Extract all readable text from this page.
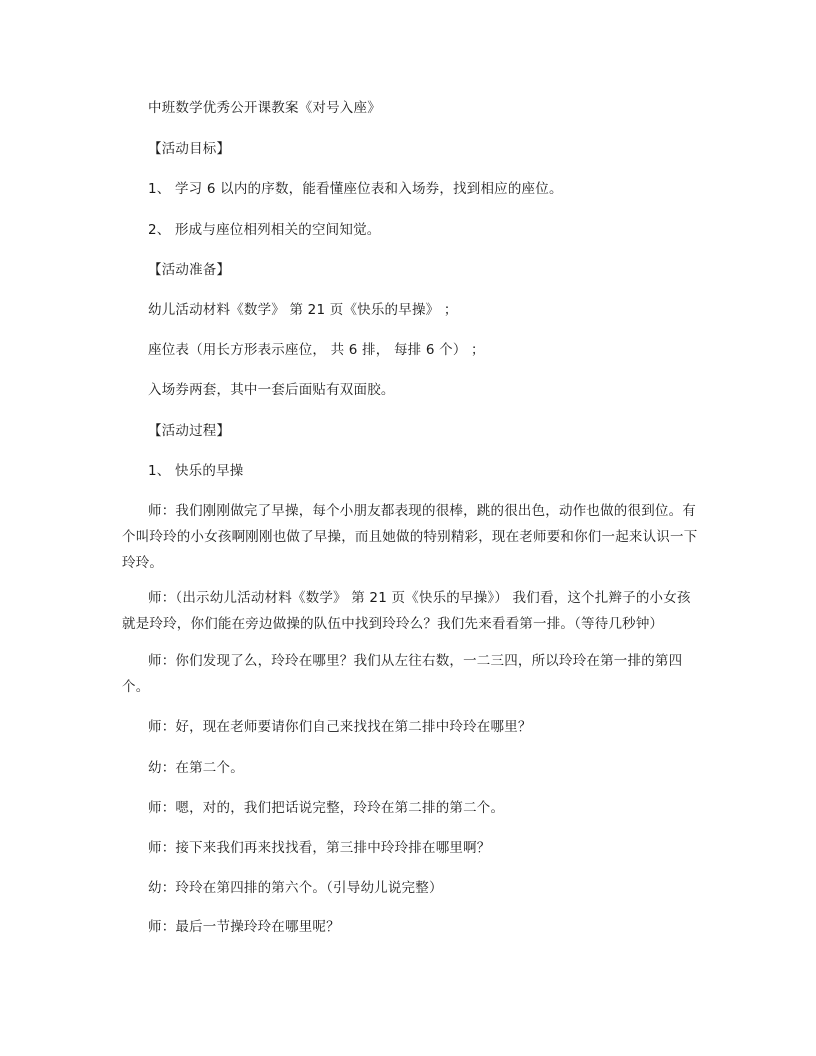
中班数学优秀公开课教案《对号入座》
【活动目标】
1、 学习 6 以内的序数，能看懂座位表和入场券，找到相应的座位。
2、 形成与座位相列相关的空间知觉。
【活动准备】
幼儿活动材料《数学》 第 21 页《快乐的早操》 ；
座位表（用长方形表示座位， 共 6 排， 每排 6 个） ；
入场券两套，其中一套后面贴有双面胶。
【活动过程】
1、 快乐的早操
师：我们刚刚做完了早操，每个小朋友都表现的很棒，跳的很出色，动作也做的很到位。有个叫玲玲的小女孩啊刚刚也做了早操，而且她做的特别精彩，现在老师要和你们一起来认识一下玲玲。
师：（出示幼儿活动材料《数学》 第 21 页《快乐的早操》） 我们看，这个扎辫子的小女孩就是玲玲，你们能在旁边做操的队伍中找到玲玲么？我们先来看看第一排。（等待几秒钟）
师：你们发现了么，玲玲在哪里？我们从左往右数，一二三四，所以玲玲在第一排的第四个。
师：好，现在老师要请你们自己来找找在第二排中玲玲在哪里？
幼：在第二个。
师：嗯，对的，我们把话说完整，玲玲在第二排的第二个。
师：接下来我们再来找找看，第三排中玲玲排在哪里啊？
幼：玲玲在第四排的第六个。（引导幼儿说完整）
师：最后一节操玲玲在哪里呢？
